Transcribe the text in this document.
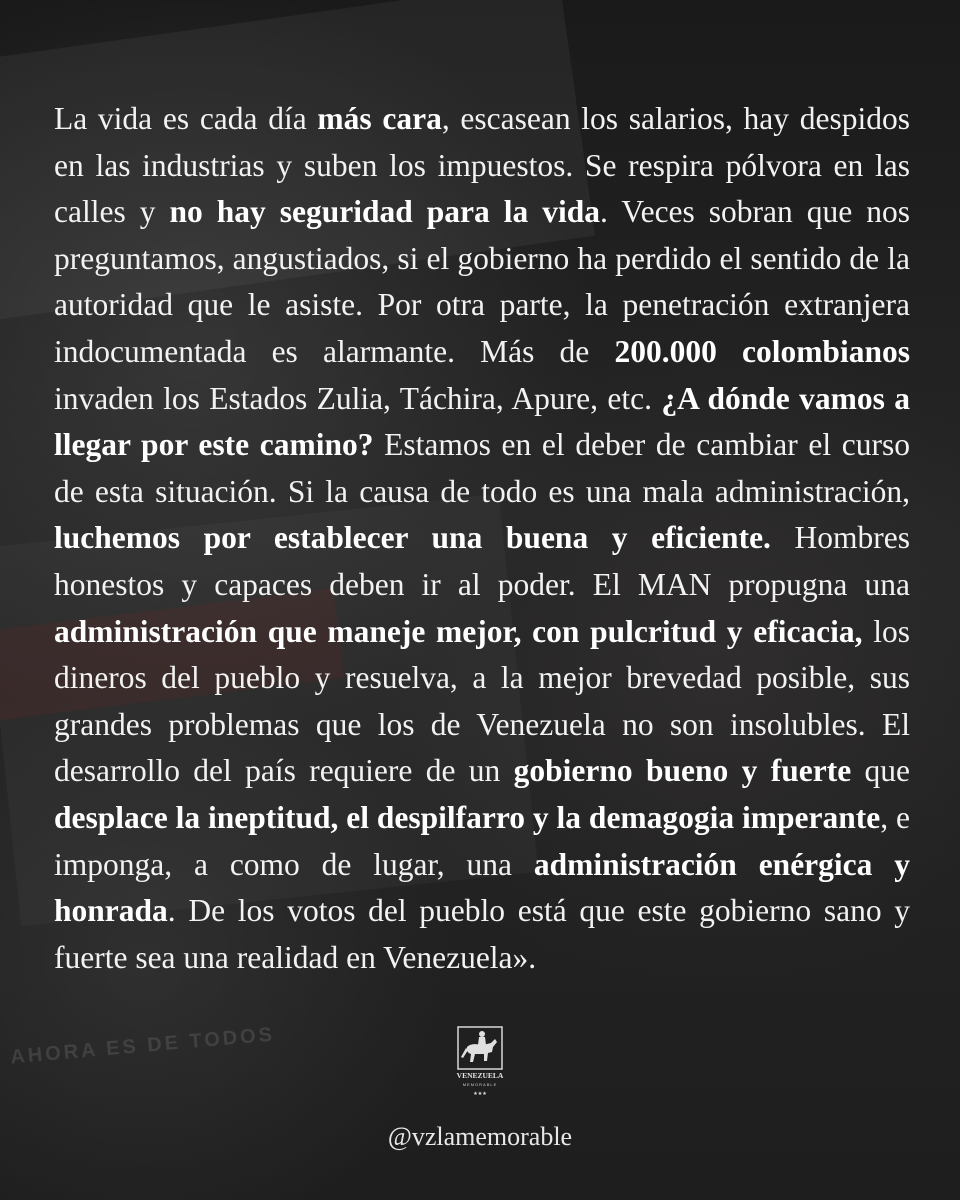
AHORA ES DE TODOS

La vida es cada día más cara, escasean los salarios, hay despidos en las industrias y suben los impuestos. Se respira pólvora en las calles y no hay seguridad para la vida. Veces sobran que nos preguntamos, angustiados, si el gobierno ha perdido el sentido de la autoridad que le asiste. Por otra parte, la penetración extranjera indocumentada es alarmante. Más de 200.000 colombianos invaden los Estados Zulia, Táchira, Apure, etc. ¿A dónde vamos a llegar por este camino? Estamos en el deber de cambiar el curso de esta situación. Si la causa de todo es una mala administración, luchemos por establecer una buena y eficiente. Hombres honestos y capaces deben ir al poder. El MAN propugna una administración que maneje mejor, con pulcritud y eficacia, los dineros del pueblo y resuelva, a la mejor brevedad posible, sus grandes problemas que los de Venezuela no son insolubles. El desarrollo del país requiere de un gobierno bueno y fuerte que desplace la ineptitud, el despilfarro y la demagogia imperante, e imponga, a como de lugar, una administración enérgica y honrada. De los votos del pueblo está que este gobierno sano y fuerte sea una realidad en Venezuela».

VENEZUELA
MEMORABLE
★★★
@vzlamemorable
